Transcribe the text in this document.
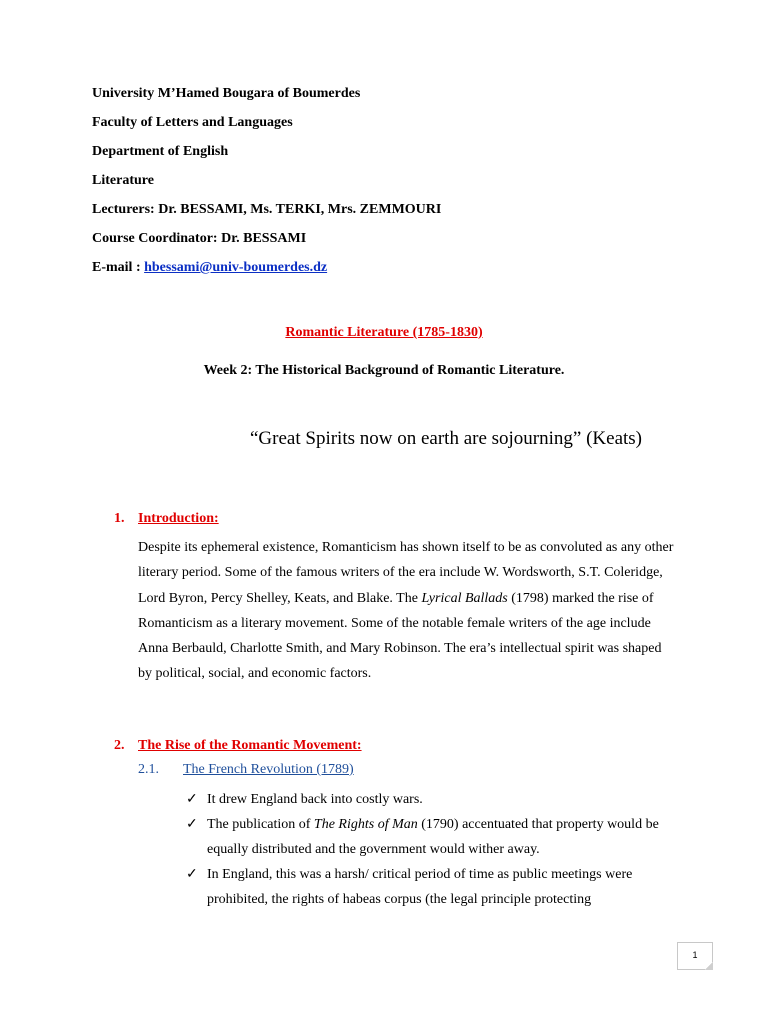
University M’Hamed Bougara of Boumerdes
Faculty of Letters and Languages
Department of English
Literature
Lecturers: Dr. BESSAMI, Ms. TERKI, Mrs. ZEMMOURI
Course Coordinator: Dr. BESSAMI
E-mail : hbessami@univ-boumerdes.dz
Romantic Literature (1785-1830)
Week 2: The Historical Background of Romantic Literature.
“Great Spirits now on earth are sojourning” (Keats)
1. Introduction:
Despite its ephemeral existence, Romanticism has shown itself to be as convoluted as any other literary period. Some of the famous writers of the era include W. Wordsworth, S.T. Coleridge, Lord Byron, Percy Shelley, Keats, and Blake. The Lyrical Ballads (1798) marked the rise of Romanticism as a literary movement. Some of the notable female writers of the age include Anna Berbauld, Charlotte Smith, and Mary Robinson. The era’s intellectual spirit was shaped by political, social, and economic factors.
2. The Rise of the Romantic Movement:
2.1. The French Revolution (1789)
✓ It drew England back into costly wars.
✓ The publication of The Rights of Man (1790) accentuated that property would be equally distributed and the government would wither away.
✓ In England, this was a harsh/ critical period of time as public meetings were prohibited, the rights of habeas corpus (the legal principle protecting
1
